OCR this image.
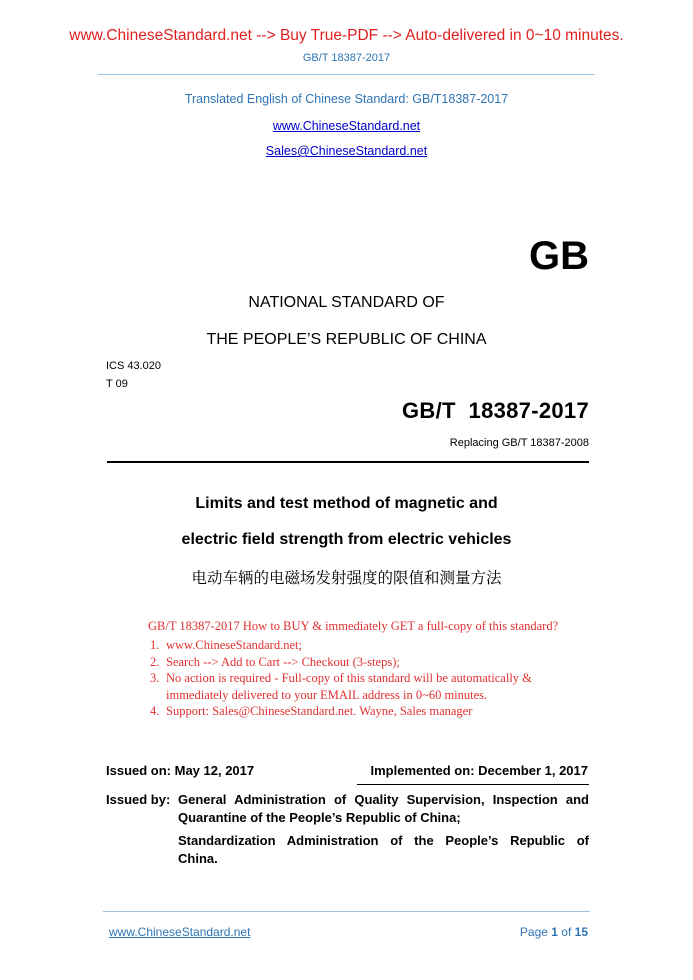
www.ChineseStandard.net --> Buy True-PDF --> Auto-delivered in 0~10 minutes.
GB/T 18387-2017
Translated English of Chinese Standard: GB/T18387-2017
www.ChineseStandard.net
Sales@ChineseStandard.net
GB
NATIONAL STANDARD OF
THE PEOPLE’S REPUBLIC OF CHINA
ICS 43.020
T 09
GB/T  18387-2017
Replacing GB/T 18387-2008
Limits and test method of magnetic and
electric field strength from electric vehicles
电动车辆的电磁场发射强度的限值和测量方法
GB/T 18387-2017 How to BUY & immediately GET a full-copy of this standard?
1. www.ChineseStandard.net;
2. Search --> Add to Cart --> Checkout (3-steps);
3. No action is required - Full-copy of this standard will be automatically &
immediately delivered to your EMAIL address in 0~60 minutes.
4. Support: Sales@ChineseStandard.net. Wayne, Sales manager
Issued on: May 12, 2017	Implemented on: December 1, 2017
Issued by: General Administration of Quality Supervision, Inspection and
Quarantine of the People’s Republic of China;
Standardization Administration of the People’s Republic of
China.
www.ChineseStandard.net	Page 1 of 15
